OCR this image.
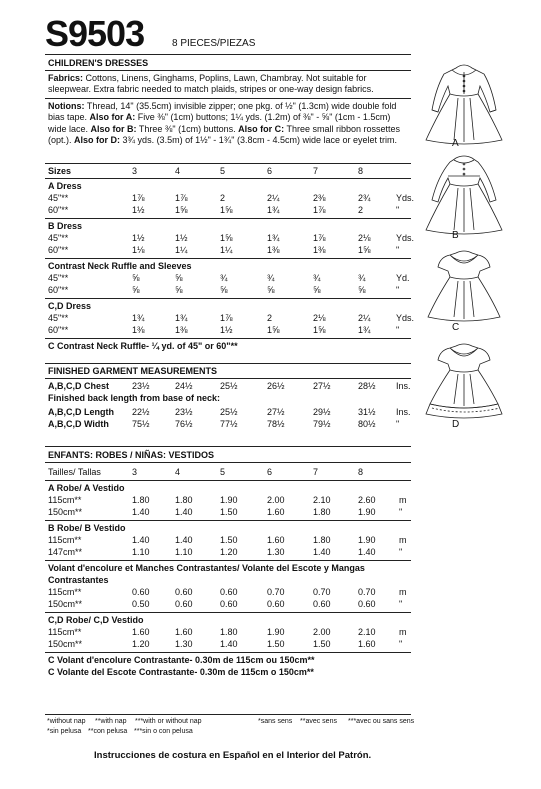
S9503	8 PIECES/PIEZAS
CHILDREN'S DRESSES
Fabrics: Cottons, Linens, Ginghams, Poplins, Lawn, Chambray. Not suitable for sleepwear. Extra fabric needed to match plaids, stripes or one-way design fabrics.
Notions: Thread, 14" (35.5cm) invisible zipper; one pkg. of ½" (1.3cm) wide double fold bias tape. Also for A: Five ⅜" (1cm) buttons; 1¼ yds. (1.2m) of ⅜" - ⅝" (1cm - 1.5cm) wide lace. Also for B: Three ⅜" (1cm) buttons. Also for C: Three small ribbon rossettes (opt.). Also for D: 3¾ yds. (3.5m) of 1½" - 1¾" (3.8cm - 4.5cm) wide lace or eyelet trim.
Sizes	3	4	5	6	7	8
A Dress
45"**	1⅞	1⅞	2	2¼	2⅜	2¾	Yds.
60"**	1½	1⅝	1⅝	1¾	1⅞	2	"
B Dress
45"**	1½	1½	1⅝	1¾	1⅞	2⅛	Yds.
60"**	1⅛	1¼	1¼	1⅜	1⅜	1⅝	"
Contrast Neck Ruffle and Sleeves
45"**	⅝	⅝	¾	¾	¾	¾	Yd.
60"**	⅝	⅝	⅝	⅝	⅝	⅝	"
C,D Dress
45"**	1¾	1¾	1⅞	2	2⅛	2¼	Yds.
60"**	1⅜	1⅜	1½	1⅝	1⅝	1¾	"
C Contrast Neck Ruffle- ¼ yd. of 45" or 60"**
FINISHED GARMENT MEASUREMENTS
A,B,C,D Chest	23½	24½	25½	26½	27½	28½ Ins.
Finished back length from base of neck:
A,B,C,D Length 22½	23½	25½	27½	29½	31½ Ins.
A,B,C,D Width	75½	76½	77½	78½	79½	80½ "
ENFANTS: ROBES / NIÑAS: VESTIDOS
Tailles/ Tallas	3	4	5	6	7	8
A Robe/ A Vestido
115cm**	1.80	1.80	1.90	2.00	2.10	2.60	m
150cm**	1.40	1.40	1.50	1.60	1.80	1.90	"
B Robe/ B Vestido
115cm**	1.40	1.40	1.50	1.60	1.80	1.90	m
147cm**	1.10	1.10	1.20	1.30	1.40	1.40	"
Volant d'encolure et Manches Contrastantes/ Volante del Escote y Mangas
Contrastantes
115cm**	0.60	0.60	0.60	0.70	0.70	0.70	m
150cm**	0.50	0.60	0.60	0.60	0.60	0.60	"
C,D Robe/ C,D Vestido
115cm**	1.60	1.60	1.80	1.90	2.00	2.10	m
150cm**	1.20	1.30	1.40	1.50	1.50	1.60	"
C Volant d'encolure Contrastante- 0.30m de 115cm ou 150cm**
C Volante del Escote Contrastante- 0.30m de 115cm o 150cm**
*without nap **with nap ***with or without nap	*sans sens **avec sens ***avec ou sans sens
*sin pelusa **con pelusa ***sin o con pelusa
Instrucciones de costura en Español en el Interior del Patrón.
A
B
C
D
